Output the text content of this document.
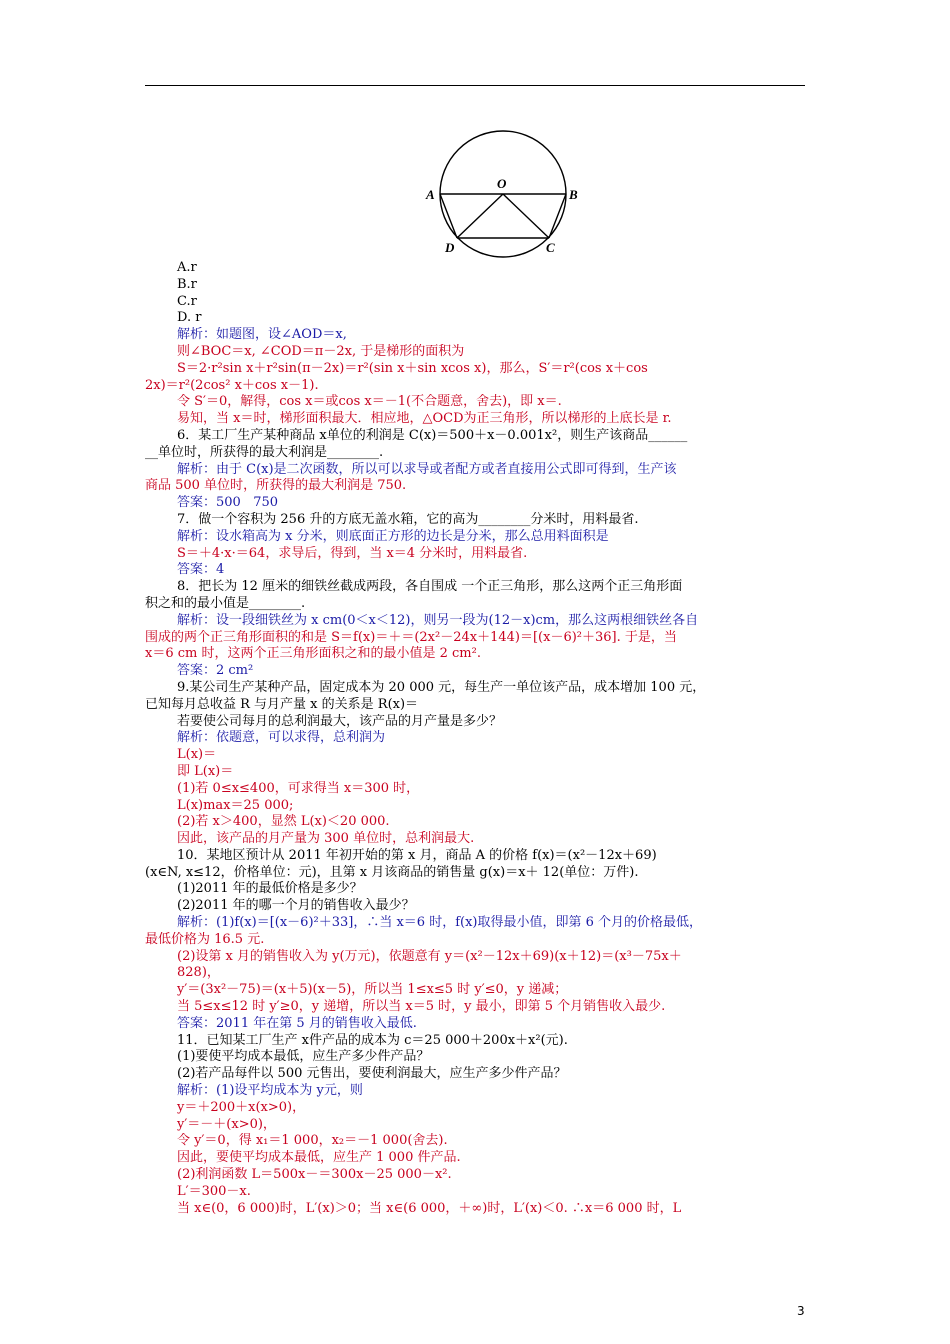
O
A	B
D	C
A.r
B.r
C.r
D. r
解析：如题图，设∠AOD＝x,
则∠BOC＝x, ∠COD＝π－2x, 于是梯形的面积为
S＝2·r²sin x＋r²sin(π－2x)＝r²(sin x＋sin xcos x)，那么，S′＝r²(cos x＋cos
2x)＝r²(2cos² x＋cos x－1).
令 S′＝0，解得，cos x＝或cos x＝－1(不合题意，舍去)，即 x＝.
易知，当 x＝时，梯形面积最大．相应地，△OCD为正三角形，所以梯形的上底长是 r.
6．某工厂生产某种商品 x单位的利润是 C(x)＝500＋x－0.001x²，则生产该商品______
__单位时，所获得的最大利润是________.
解析：由于 C(x)是二次函数，所以可以求导或者配方或者直接用公式即可得到，生产该
商品 500 单位时，所获得的最大利润是 750.
答案：500   750
7．做一个容积为 256 升的方底无盖水箱，它的高为________分米时，用料最省.
解析：设水箱高为 x 分米，则底面正方形的边长是分米，那么总用料面积是
S＝＋4·x·＝64，求导后，得到，当 x＝4 分米时，用料最省.
答案：4
8．把长为 12 厘米的细铁丝截成两段，各自围成 一个正三角形，那么这两个正三角形面
积之和的最小值是________.
解析：设一段细铁丝为 x cm(0＜x＜12)，则另一段为(12－x)cm，那么这两根细铁丝各自
围成的两个正三角形面积的和是 S＝f(x)＝＋＝(2x²－24x＋144)＝[(x－6)²＋36]. 于是，当
x＝6 cm 时，这两个正三角形面积之和的最小值是 2 cm².
答案：2 cm²
9.某公司生产某种产品，固定成本为 20 000 元，每生产一单位该产品，成本增加 100 元，
已知每月总收益 R 与月产量 x 的关系是 R(x)＝
若要使公司每月的总利润最大，该产品的月产量是多少？
解析：依题意，可以求得，总利润为
L(x)＝
即 L(x)＝
(1)若 0≤x≤400，可求得当 x＝300 时，
L(x)max＝25 000;
(2)若 x＞400，显然 L(x)＜20 000.
因此，该产品的月产量为 300 单位时，总利润最大.
10．某地区预计从 2011 年初开始的第 x 月，商品 A 的价格 f(x)＝(x²－12x＋69)
(x∈N, x≤12，价格单位：元)，且第 x 月该商品的销售量 g(x)＝x＋ 12(单位：万件).
(1)2011 年的最低价格是多少？
(2)2011 年的哪一个月的销售收入最少？
解析：(1)f(x)＝[(x－6)²＋33]，∴当 x＝6 时，f(x)取得最小值，即第 6 个月的价格最低，
最低价格为 16.5 元.
(2)设第 x 月的销售收入为 y(万元)，依题意有 y＝(x²－12x＋69)(x＋12)＝(x³－75x＋
828)，
y′＝(3x²－75)＝(x＋5)(x－5)，所以当 1≤x≤5 时 y′≤0，y 递减；
当 5≤x≤12 时 y′≥0，y 递增，所以当 x＝5 时，y 最小，即第 5 个月销售收入最少.
答案：2011 年在第 5 月的销售收入最低.
11．已知某工厂生产 x件产品的成本为 c＝25 000＋200x＋x²(元).
(1)要使平均成本最低，应生产多少件产品？
(2)若产品每件以 500 元售出，要使利润最大，应生产多少件产品？
解析：(1)设平均成本为 y元，则
y＝＋200＋x(x>0)，
y′＝－＋(x>0)，
令 y′＝0，得 x₁＝1 000，x₂＝－1 000(舍去).
因此，要使平均成本最低，应生产 1 000 件产品.
(2)利润函数 L＝500x－＝300x－25 000－x².
L′＝300－x.
当 x∈(0，6 000)时，L′(x)＞0；当 x∈(6 000，＋∞)时，L′(x)＜0. ∴x＝6 000 时，L
3
